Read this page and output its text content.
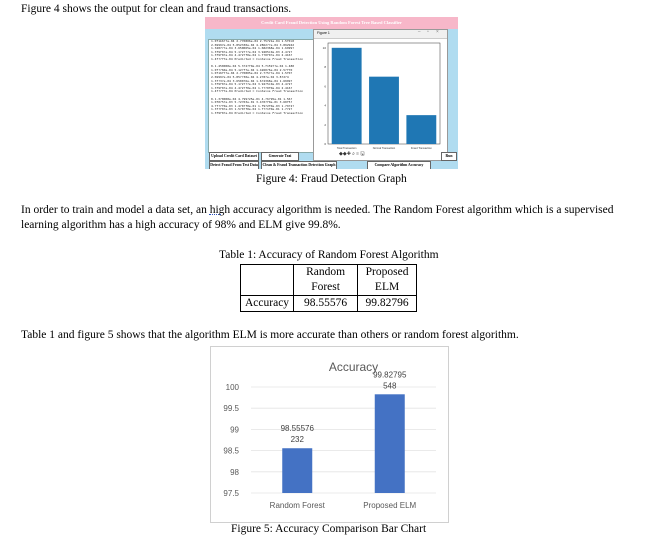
Figure 4 shows the output for clean and fraud transactions.
Credit Card Fraud Detection Using Random Forest Tree Based Classifier
1.0f1b6??e-04 2.770806e-04 2.75721e-04 1.5f0i0
2.69997e-04 5.852330e-04 4.2862??e-04 3.892942
1.3487??e-04 3.650065e-04 1.682368e-04 1.6999?
1.3f9f0?e-04 5.1?2???e-04 3.9405i0e-03 4.4?2?
1.3f9f0?e-04 4.4?2?f0e-04 1.7?0f0?e-04 2.416?
1.4f??f7e-04 Predicted = Contains Fraud Transaction

0.1.450000e-04 5.3?2?f0e-04 5.f159??e-04 1.480
1.0f??60e-04 5.12?f7e-04 1.4260?6e-04 2.5?f70
1.0f16f7?e-04 2.770805e-04 2.7?5??e-04 1.5f0?
2.69997e-04 5.85??30e-04 4.2?8?e-04 3.8?2?4
1.3f?3?e-04 3.6500?6e-04 1.6?2368e-04 1.6999?
1.3f9f0?e-04 5.1?2???e-04 3.94?5i0e-03 4.4?2?
1.3f9f0?e-04 4.4?2?f0e-04 1.7??0f0e-04 2.416?
1.4f??f7e-04 Predicted = Contains Fraud Transaction

0.1.3?0000e-04 4.?99?25e-01 4.?6?95e-01 1.56?
1.0f0?5?e-03 5.?2?03e-01 3.4?0?f0e-01 3.60f5?
4.7f??f0e-03 1.4?0?f0e-01 1.f9?2f0e-03 1.79?2?
1.3f?f0?e-03 1.5?0?f0e-04 1.f??1f0e-01 1.7?2?
1.3f9f0?e-04 Predicted = Contains Fraud Transaction
Figure 1	– ▫ ×
10
8
6
4
2
0
Total Transaction	Normal Transaction	Fraud Transaction
◆◆✚ ⌕ ≡ 🖫
Upload Credit Card Dataset	Generate Trai	Run
Detect Fraud From Test Data	Clean & Fraud Transaction Detection Graph	Compare Algorithm Accuracy
Figure 4: Fraud Detection Graph
In order to train and model a data set, an high accuracy algorithm is needed. The Random Forest algorithm which is a supervised learning algorithm has a high accuracy of 98% and ELM give 99.8%.
Table 1: Accuracy of Random Forest Algorithm
	Random Forest	Proposed ELM
Accuracy	98.55576	99.82796
Table 1 and figure 5 shows that the algorithm ELM is more accurate than others or random forest algorithm.
Accuracy
100
99.5
99
98.5
98
97.5
98.55576
232
Random Forest
99.82795
548
Proposed ELM
Figure 5: Accuracy Comparison Bar Chart
